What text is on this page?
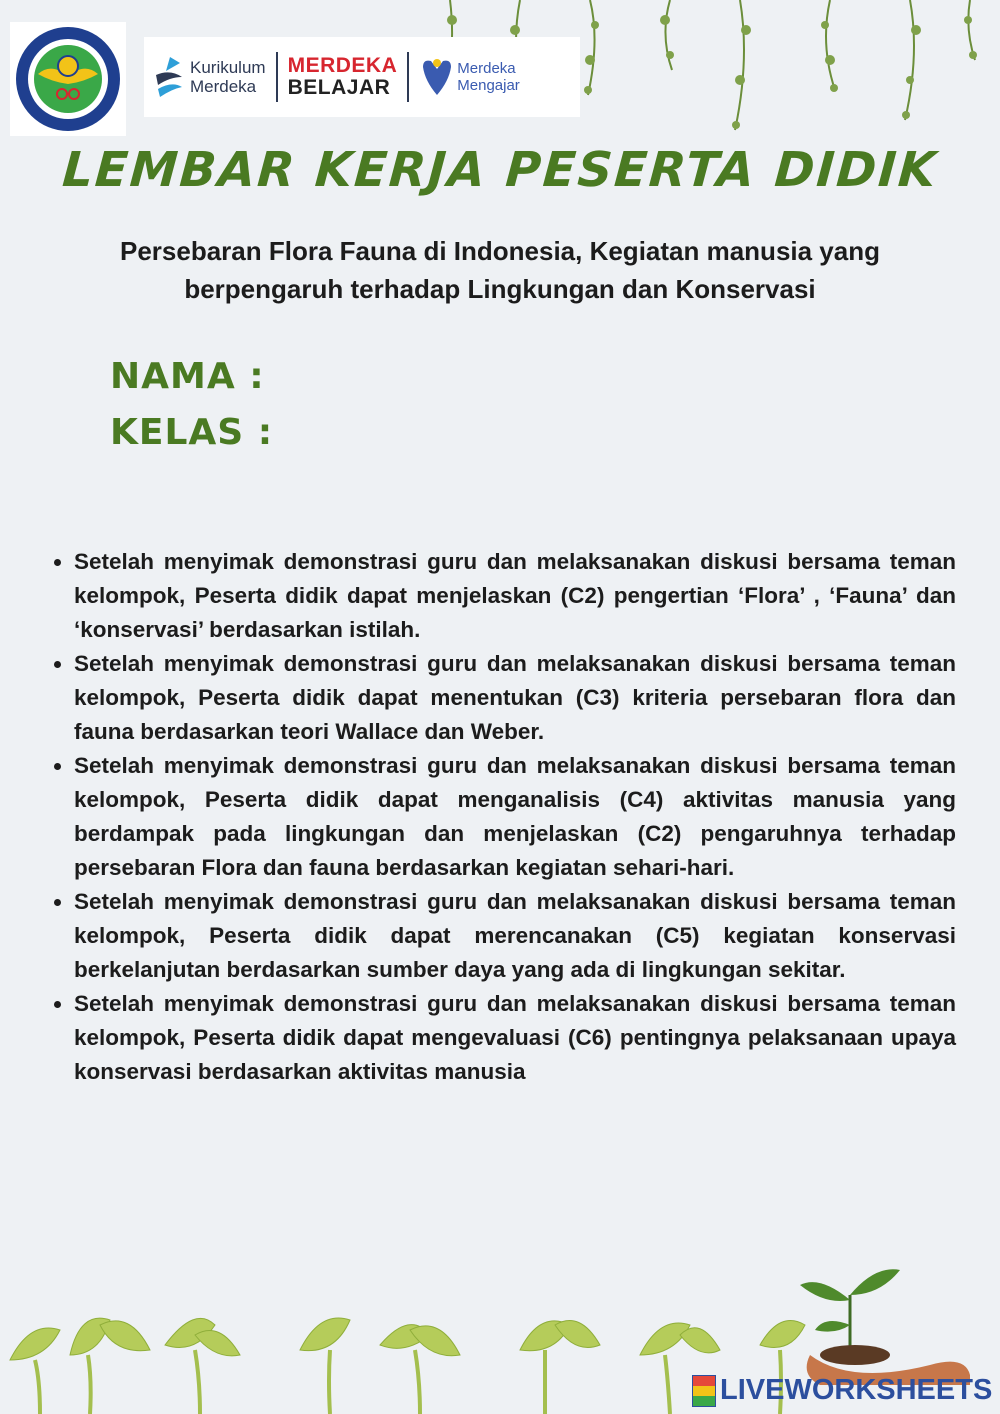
Kurikulum
Merdeka
MERDEKA
BELAJAR
Merdeka
Mengajar
LEMBAR KERJA PESERTA DIDIK
Persebaran Flora Fauna di Indonesia, Kegiatan manusia yang berpengaruh terhadap Lingkungan dan Konservasi
NAMA :
KELAS :
• Setelah menyimak demonstrasi guru dan melaksanakan diskusi bersama teman kelompok, Peserta didik dapat menjelaskan (C2) pengertian ‘Flora’ , ‘Fauna’ dan ‘konservasi’ berdasarkan istilah.
• Setelah menyimak demonstrasi guru dan melaksanakan diskusi bersama teman kelompok, Peserta didik dapat menentukan (C3) kriteria persebaran flora dan fauna berdasarkan teori Wallace dan Weber.
• Setelah menyimak demonstrasi guru dan melaksanakan diskusi bersama teman kelompok, Peserta didik dapat menganalisis (C4) aktivitas manusia yang berdampak pada lingkungan dan menjelaskan (C2) pengaruhnya terhadap persebaran Flora dan fauna berdasarkan kegiatan sehari-hari.
• Setelah menyimak demonstrasi guru dan melaksanakan diskusi bersama teman kelompok, Peserta didik dapat merencanakan (C5) kegiatan konservasi berkelanjutan berdasarkan sumber daya yang ada di lingkungan sekitar.
• Setelah menyimak demonstrasi guru dan melaksanakan diskusi bersama teman kelompok, Peserta didik dapat mengevaluasi (C6) pentingnya pelaksanaan upaya konservasi berdasarkan aktivitas manusia
LIVEWORKSHEETS
